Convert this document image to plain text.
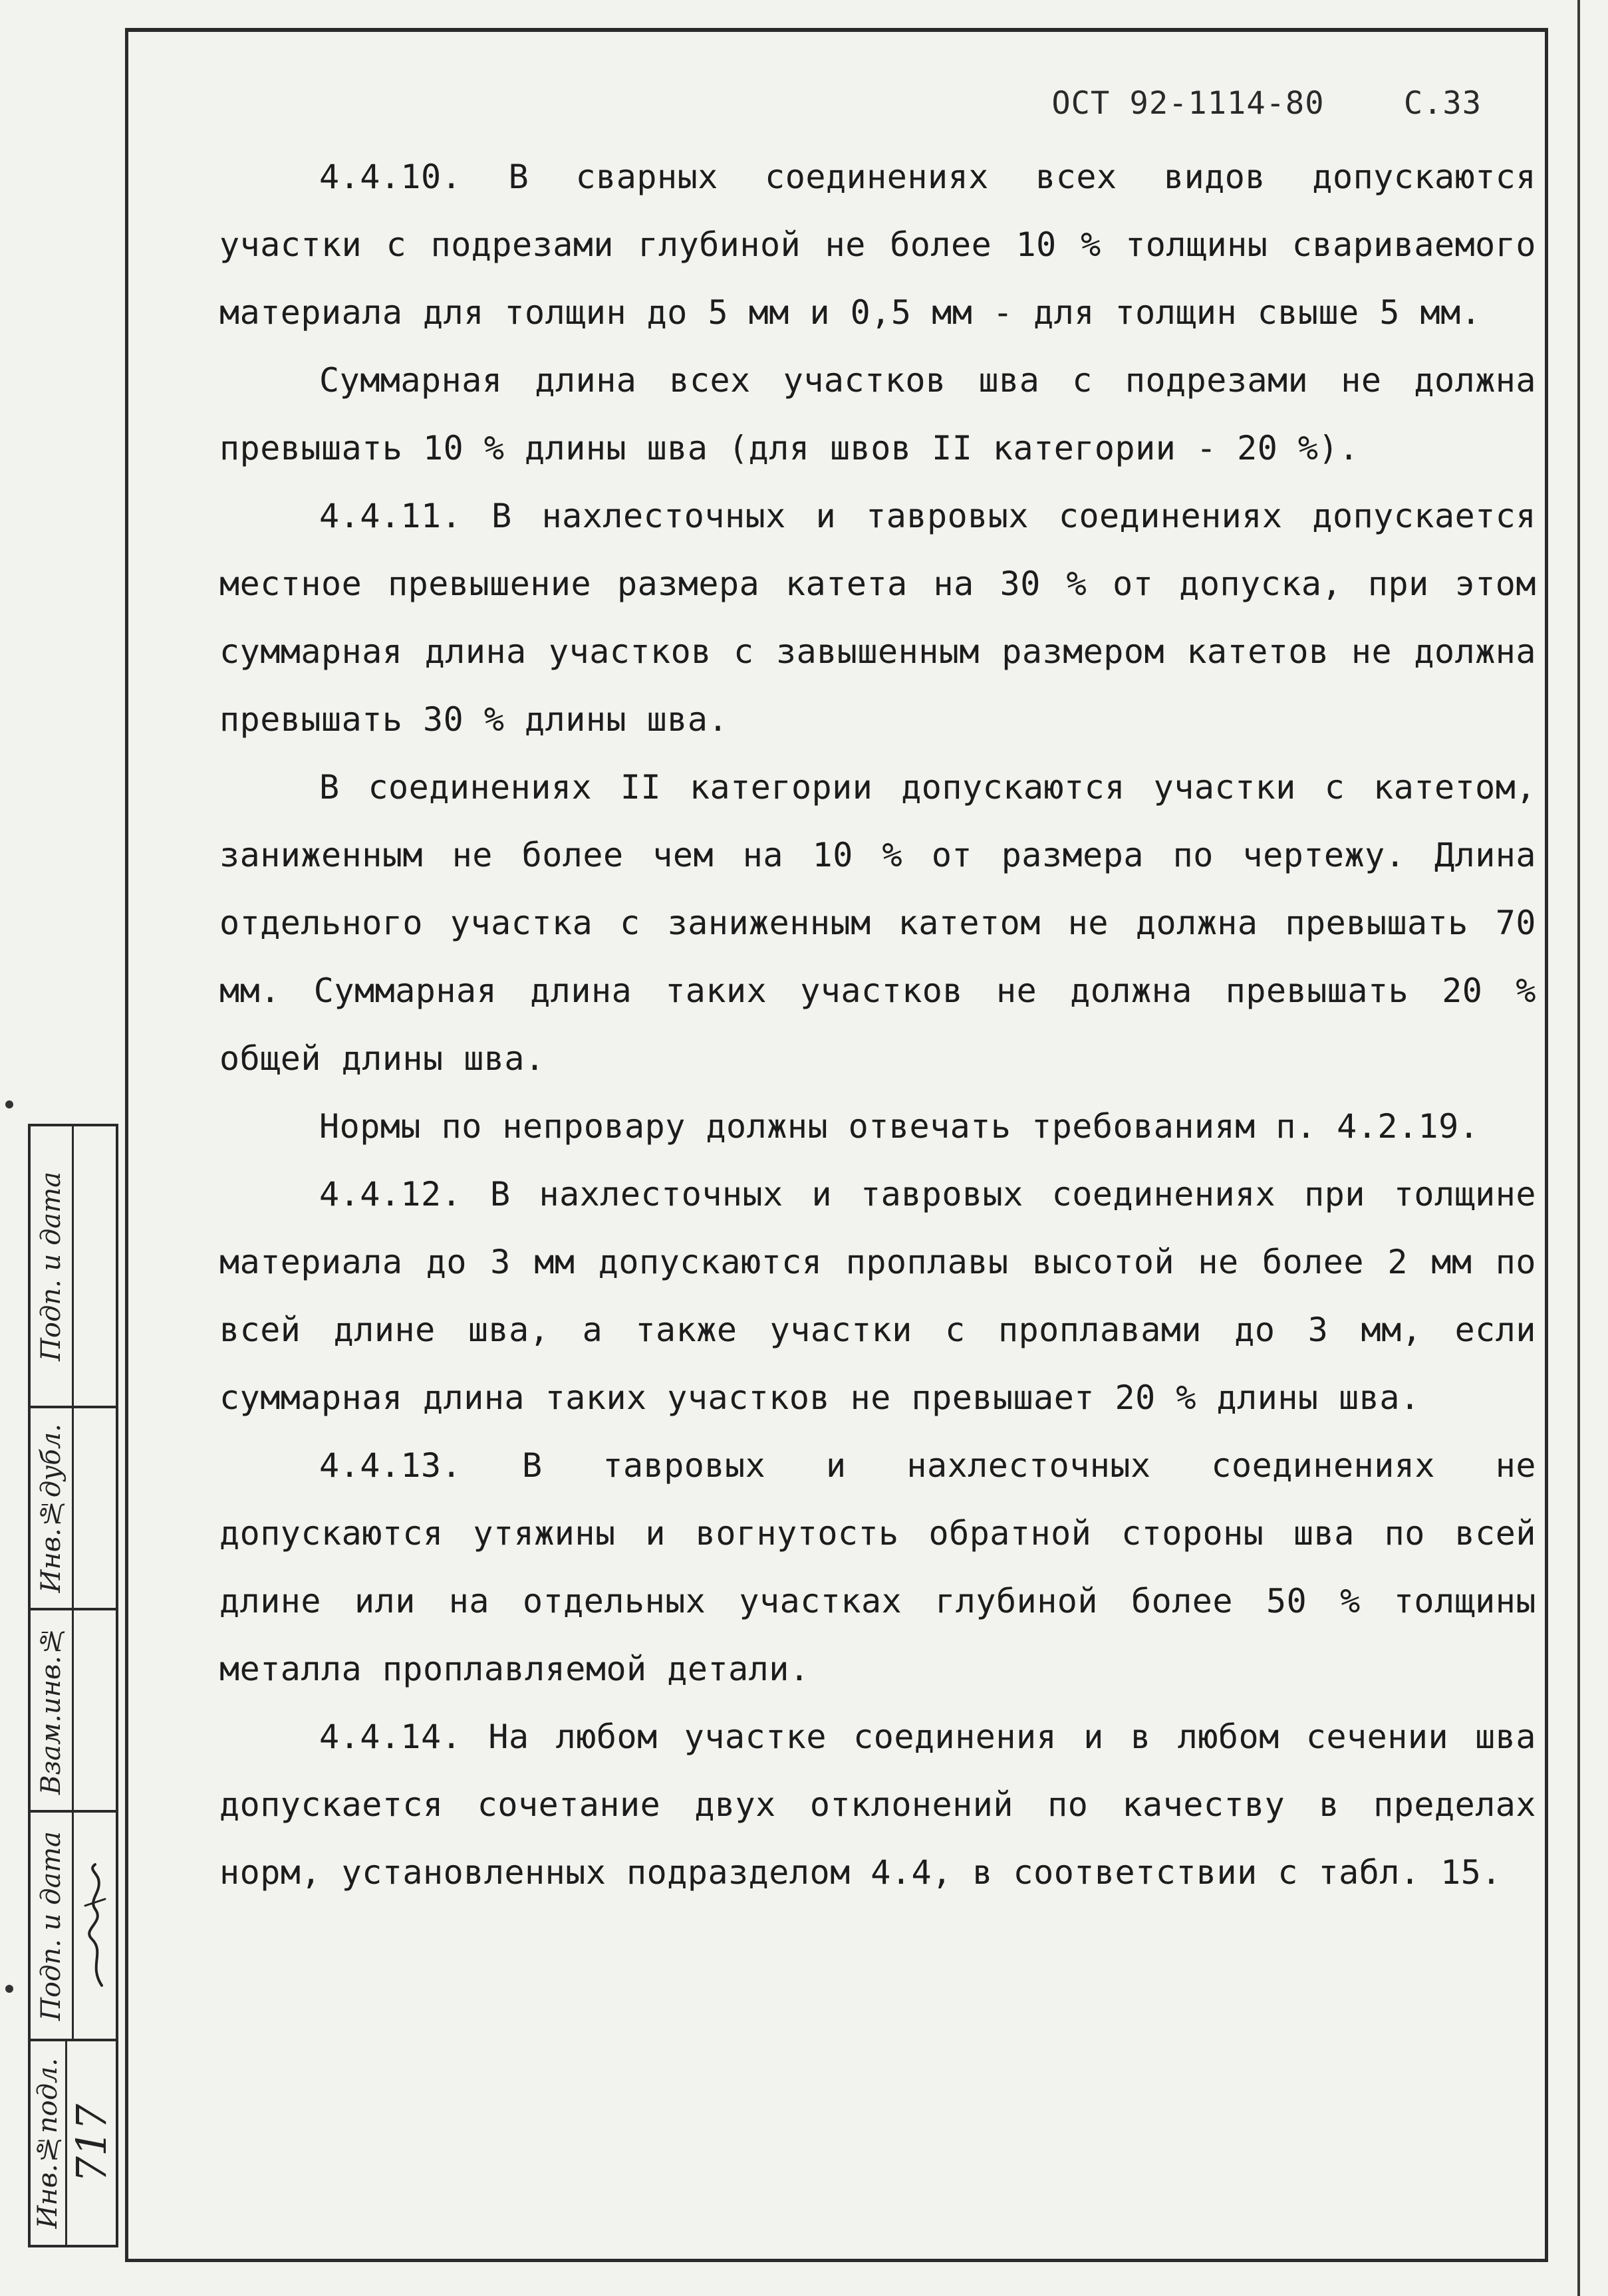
ОСТ 92-1114-80	С.33

4.4.10. В сварных соединениях всех видов допускаются участки с подрезами глубиной не более 10 % толщины свариваемого материала для толщин до 5 мм и 0,5 мм - для толщин свыше 5 мм.

Суммарная длина всех участков шва с подрезами не должна превышать 10 % длины шва (для швов II категории - 20 %).

4.4.11. В нахлесточных и тавровых соединениях допускается местное превышение размера катета на 30 % от допуска, при этом суммарная длина участков с завышенным размером катетов не должна превышать 30 % длины шва.

В соединениях II категории допускаются участки с катетом, заниженным не более чем на 10 % от размера по чертежу. Длина отдельного участка с заниженным катетом не должна превышать 70 мм. Суммарная длина таких участков не должна превышать 20 % общей длины шва.

Нормы по непровару должны отвечать требованиям п. 4.2.19.

4.4.12. В нахлесточных и тавровых соединениях при толщине материала до 3 мм допускаются проплавы высотой не более 2 мм по всей длине шва, а также участки с проплавами до 3 мм, если суммарная длина таких участков не превышает 20 % длины шва.

4.4.13. В тавровых и нахлесточных соединениях не допускаются утяжины и вогнутость обратной стороны шва по всей длине или на отдельных участках глубиной более 50 % толщины металла проплавляемой детали.

4.4.14. На любом участке соединения и в любом сечении шва допускается сочетание двух отклонений по качеству в пределах норм, установленных подразделом 4.4, в соответствии с табл. 15.

Подп. и дата
Инв.№дубл.
Взам.инв.№
Подп. и дата
Инв.№подл. 717
